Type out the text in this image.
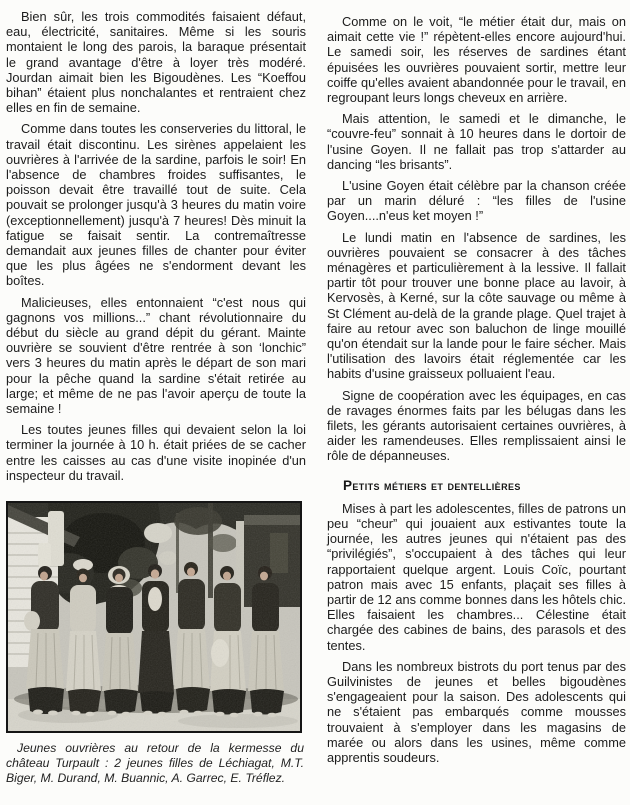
Bien sûr, les trois commodités faisaient défaut, eau, électricité, sanitaires. Même si les souris montaient le long des parois, la baraque présentait le grand avantage d'être à loyer très modéré. Jourdan aimait bien les Bigoudènes. Les “Koeffou bihan” étaient plus nonchalantes et rentraient chez elles en fin de semaine.

Comme dans toutes les conserveries du littoral, le travail était discontinu. Les sirènes appelaient les ouvrières à l'arrivée de la sardine, parfois le soir! En l'absence de chambres froides suffisantes, le poisson devait être travaillé tout de suite. Cela pouvait se prolonger jusqu'à 3 heures du matin voire (exceptionnellement) jusqu'à 7 heures! Dès minuit la fatigue se faisait sentir. La contremaîtresse demandait aux jeunes filles de chanter pour éviter que les plus âgées ne s'endorment devant les boîtes.

Malicieuses, elles entonnaient “c'est nous qui gagnons vos millions...” chant révolutionnaire du début du siècle au grand dépit du gérant. Mainte ouvrière se souvient d'être rentrée à son ‘lonchic” vers 3 heures du matin après le départ de son mari pour la pêche quand la sardine s'était retirée au large; et même de ne pas l'avoir aperçu de toute la semaine !

Les toutes jeunes filles qui devaient selon la loi terminer la journée à 10 h. était priées de se cacher entre les caisses au cas d'une visite inopinée d'un inspecteur du travail.

Jeunes ouvrières au retour de la kermesse du château Turpault : 2 jeunes filles de Léchiagat, M.T. Biger, M. Durand, M. Buannic, A. Garrec, E. Tréflez.

Comme on le voit, “le métier était dur, mais on aimait cette vie !” répètent-elles encore aujourd'hui. Le samedi soir, les réserves de sardines étant épuisées les ouvrières pouvaient sortir, mettre leur coiffe qu'elles avaient abandonnée pour le travail, en regroupant leurs longs cheveux en arrière.

Mais attention, le samedi et le dimanche, le “couvre-feu” sonnait à 10 heures dans le dortoir de l'usine Goyen. Il ne fallait pas trop s'attarder au dancing “les brisants”.

L'usine Goyen était célèbre par la chanson créée par un marin déluré : “les filles de l'usine Goyen....n'eus ket moyen !”

Le lundi matin en l'absence de sardines, les ouvrières pouvaient se consacrer à des tâches ménagères et particulièrement à la lessive. Il fallait partir tôt pour trouver une bonne place au lavoir, à Kervosès, à Kerné, sur la côte sauvage ou même à St Clément au-delà de la grande plage. Quel trajet à faire au retour avec son baluchon de linge mouillé qu'on étendait sur la lande pour le faire sécher. Mais l'utilisation des lavoirs était réglementée car les habits d'usine graisseux polluaient l'eau.

Signe de coopération avec les équipages, en cas de ravages énormes faits par les bélugas dans les filets, les gérants autorisaient certaines ouvrières, à aider les ramendeuses. Elles remplissaient ainsi le rôle de dépanneuses.

Petits métiers et dentellières

Mises à part les adolescentes, filles de patrons un peu “cheur” qui jouaient aux estivantes toute la journée, les autres jeunes qui n'étaient pas des “privilégiés”, s'occupaient à des tâches qui leur rapportaient quelque argent. Louis Coïc, pourtant patron mais avec 15 enfants, plaçait ses filles à partir de 12 ans comme bonnes dans les hôtels chic. Elles faisaient les chambres... Célestine était chargée des cabines de bains, des parasols et des tentes.

Dans les nombreux bistrots du port tenus par des Guilvinistes de jeunes et belles bigoudènes s'engageaient pour la saison. Des adolescents qui ne s'étaient pas embarqués comme mousses trouvaient à s'employer dans les magasins de marée ou alors dans les usines, même comme apprentis soudeurs.
